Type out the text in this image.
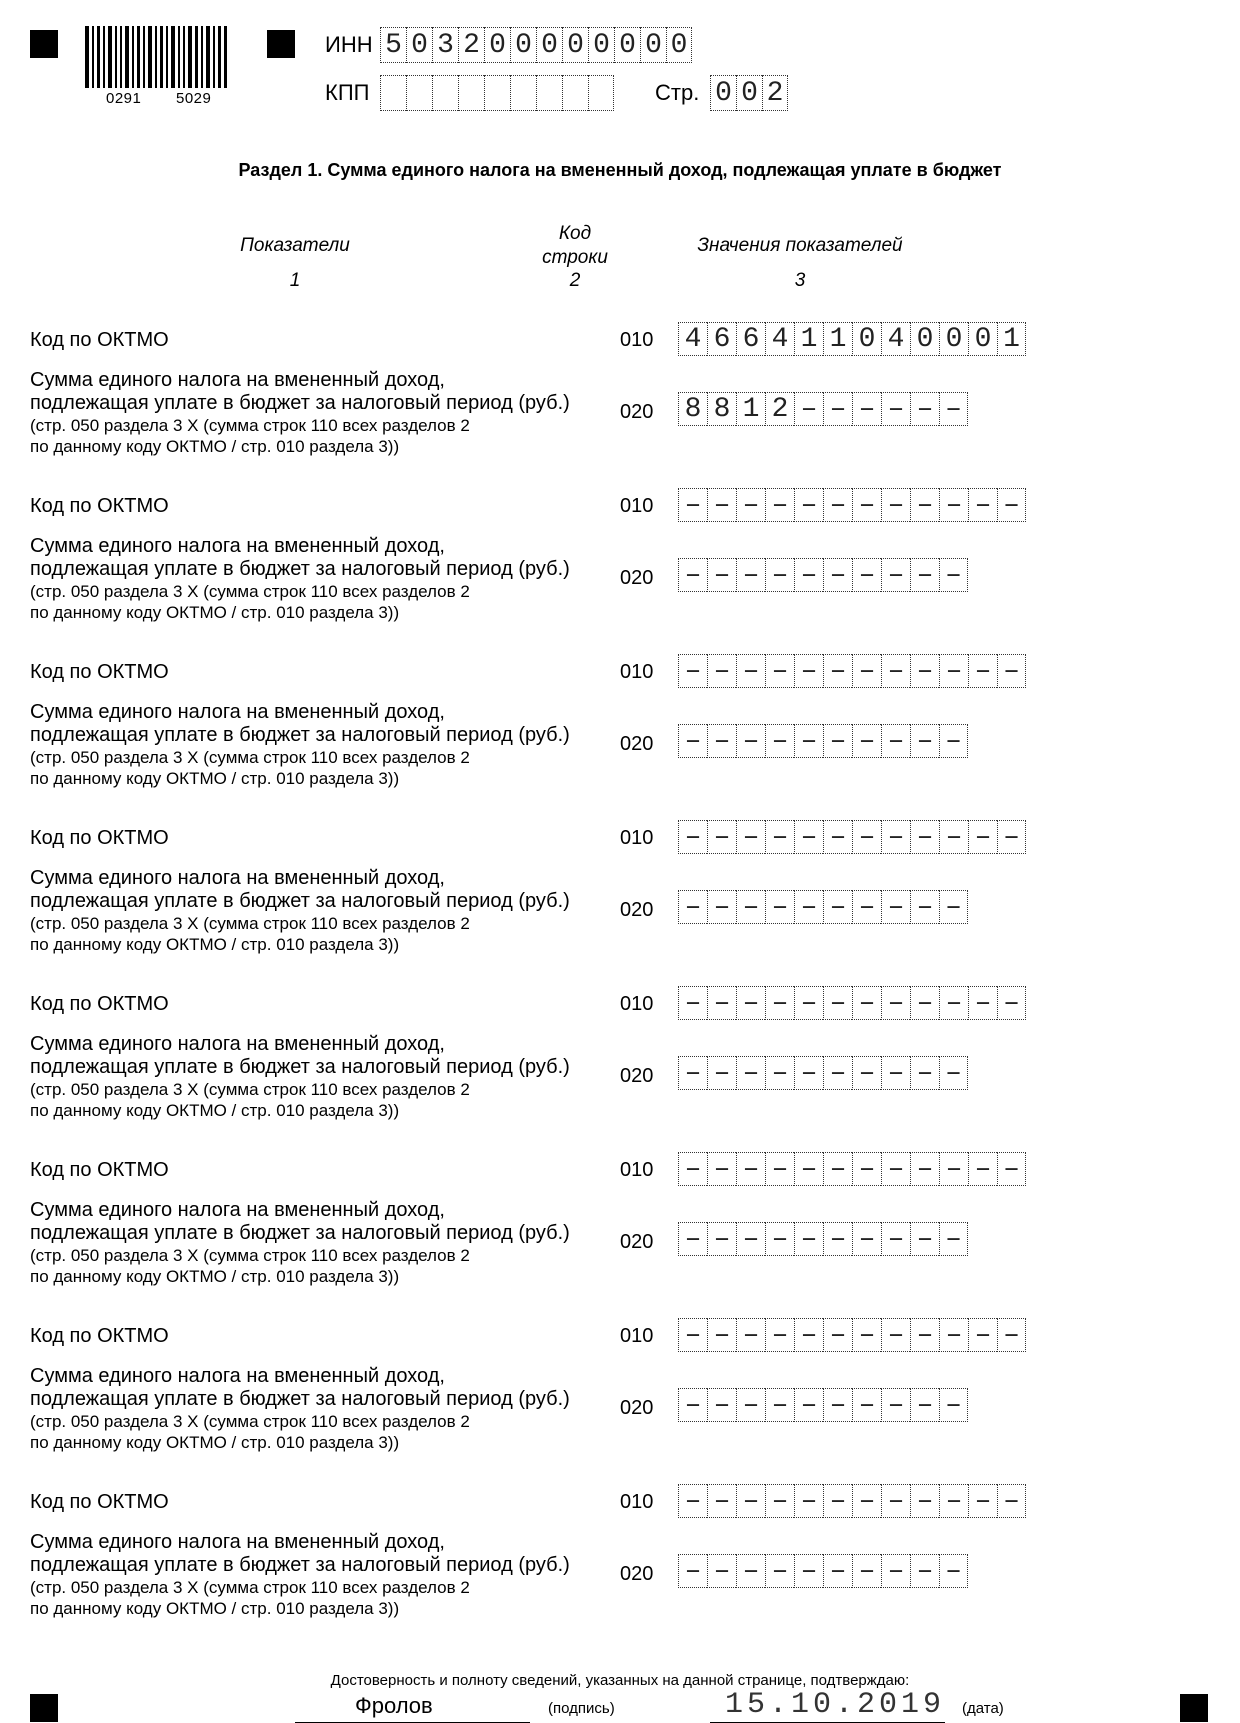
0291 5029
ИНН 5 0 3 2 0 0 0 0 0 0 0 0
КПП	Стр. 0 0 2
Раздел 1. Сумма единого налога на вмененный доход, подлежащая уплате в бюджет
Показатели
1
Код
строки
2
Значения показателей
3
Код по ОКТМО	010 4 6 6 4 1 1 0 4 0 0 0 1
Сумма единого налога на вмененный доход,
подлежащая уплате в бюджет за налоговый период (руб.)
(стр. 050 раздела 3 Х (сумма строк 110 всех разделов 2
по данному коду ОКТМО / стр. 010 раздела 3))
020 8 8 1 2 – – – – – –
Код по ОКТМО	010 – – – – – – – – – – – –
Сумма единого налога на вмененный доход,
подлежащая уплате в бюджет за налоговый период (руб.)
(стр. 050 раздела 3 Х (сумма строк 110 всех разделов 2
по данному коду ОКТМО / стр. 010 раздела 3))
020 – – – – – – – – – –
Код по ОКТМО	010 – – – – – – – – – – – –
Сумма единого налога на вмененный доход,
подлежащая уплате в бюджет за налоговый период (руб.)
(стр. 050 раздела 3 Х (сумма строк 110 всех разделов 2
по данному коду ОКТМО / стр. 010 раздела 3))
020 – – – – – – – – – –
Код по ОКТМО	010 – – – – – – – – – – – –
Сумма единого налога на вмененный доход,
подлежащая уплате в бюджет за налоговый период (руб.)
(стр. 050 раздела 3 Х (сумма строк 110 всех разделов 2
по данному коду ОКТМО / стр. 010 раздела 3))
020 – – – – – – – – – –
Код по ОКТМО	010 – – – – – – – – – – – –
Сумма единого налога на вмененный доход,
подлежащая уплате в бюджет за налоговый период (руб.)
(стр. 050 раздела 3 Х (сумма строк 110 всех разделов 2
по данному коду ОКТМО / стр. 010 раздела 3))
020 – – – – – – – – – –
Код по ОКТМО	010 – – – – – – – – – – – –
Сумма единого налога на вмененный доход,
подлежащая уплате в бюджет за налоговый период (руб.)
(стр. 050 раздела 3 Х (сумма строк 110 всех разделов 2
по данному коду ОКТМО / стр. 010 раздела 3))
020 – – – – – – – – – –
Код по ОКТМО	010 – – – – – – – – – – – –
Сумма единого налога на вмененный доход,
подлежащая уплате в бюджет за налоговый период (руб.)
(стр. 050 раздела 3 Х (сумма строк 110 всех разделов 2
по данному коду ОКТМО / стр. 010 раздела 3))
020 – – – – – – – – – –
Код по ОКТМО	010 – – – – – – – – – – – –
Сумма единого налога на вмененный доход,
подлежащая уплате в бюджет за налоговый период (руб.)
(стр. 050 раздела 3 Х (сумма строк 110 всех разделов 2
по данному коду ОКТМО / стр. 010 раздела 3))
020 – – – – – – – – – –
Достоверность и полноту сведений, указанных на данной странице, подтверждаю:
Фролов	(подпись)	15.10.2019 (дата)
